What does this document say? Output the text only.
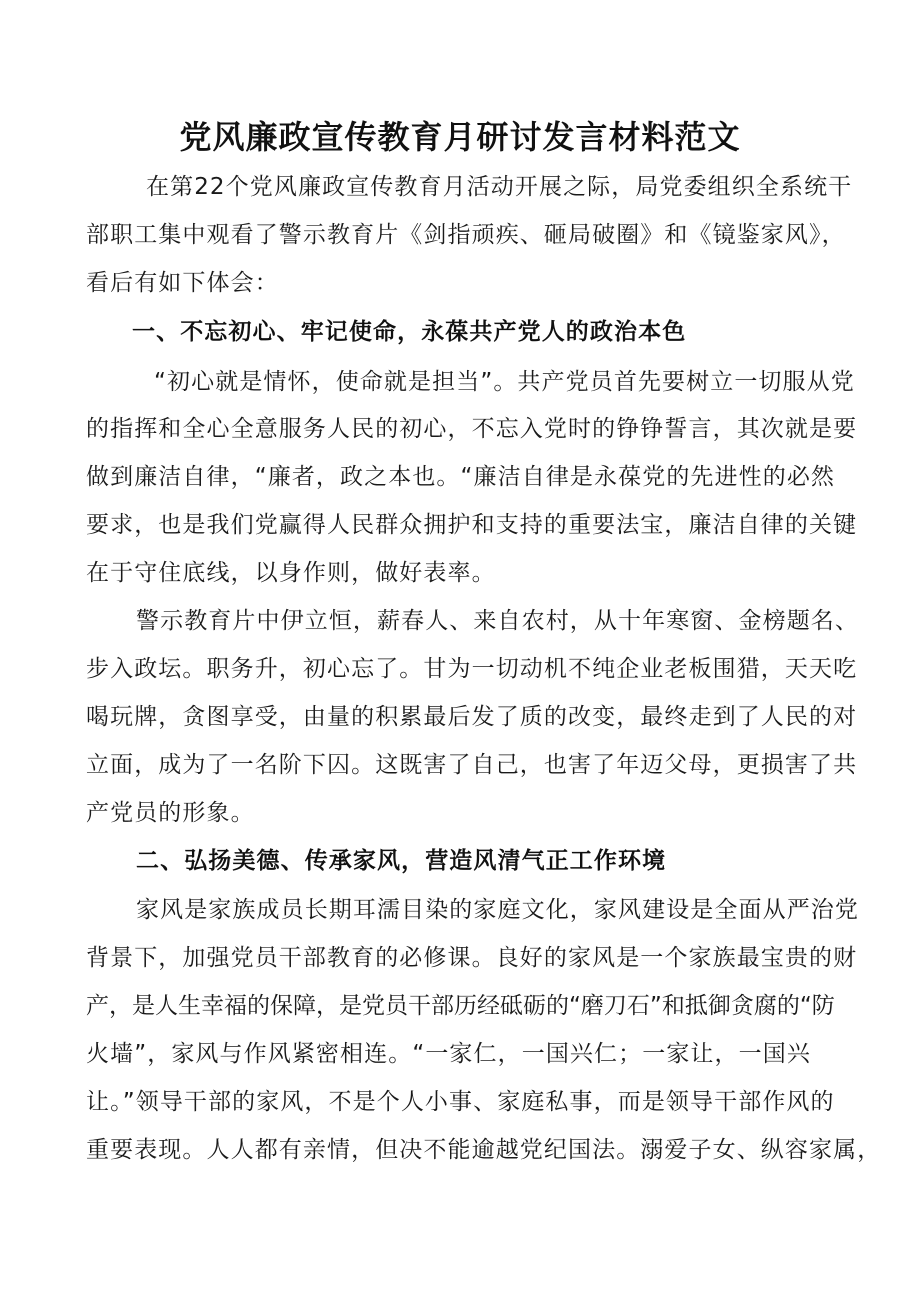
党风廉政宣传教育月研讨发言材料范文
在第22个党风廉政宣传教育月活动开展之际，局党委组织全系统干
部职工集中观看了警示教育片《剑指顽疾、砸局破圈》和《镜鉴家风》，
看后有如下体会：
一、不忘初心、牢记使命，永葆共产党人的政治本色
“初心就是情怀，使命就是担当”。共产党员首先要树立一切服从党
的指挥和全心全意服务人民的初心，不忘入党时的铮铮誓言，其次就是要
做到廉洁自律，“廉者，政之本也。“廉洁自律是永葆党的先进性的必然
要求，也是我们党赢得人民群众拥护和支持的重要法宝，廉洁自律的关键
在于守住底线，以身作则，做好表率。
警示教育片中伊立恒，薪春人、来自农村，从十年寒窗、金榜题名、
步入政坛。职务升，初心忘了。甘为一切动机不纯企业老板围猎，天天吃
喝玩牌，贪图享受，由量的积累最后发了质的改变，最终走到了人民的对
立面，成为了一名阶下囚。这既害了自己，也害了年迈父母，更损害了共
产党员的形象。
二、弘扬美德、传承家风，营造风清气正工作环境
家风是家族成员长期耳濡目染的家庭文化，家风建设是全面从严治党
背景下，加强党员干部教育的必修课。良好的家风是一个家族最宝贵的财
产，是人生幸福的保障，是党员干部历经砥砺的“磨刀石”和抵御贪腐的“防
火墙”，家风与作风紧密相连。“一家仁，一国兴仁；一家让，一国兴
让。”领导干部的家风，不是个人小事、家庭私事，而是领导干部作风的
重要表现。人人都有亲情，但决不能逾越党纪国法。溺爱子女、纵容家属，
